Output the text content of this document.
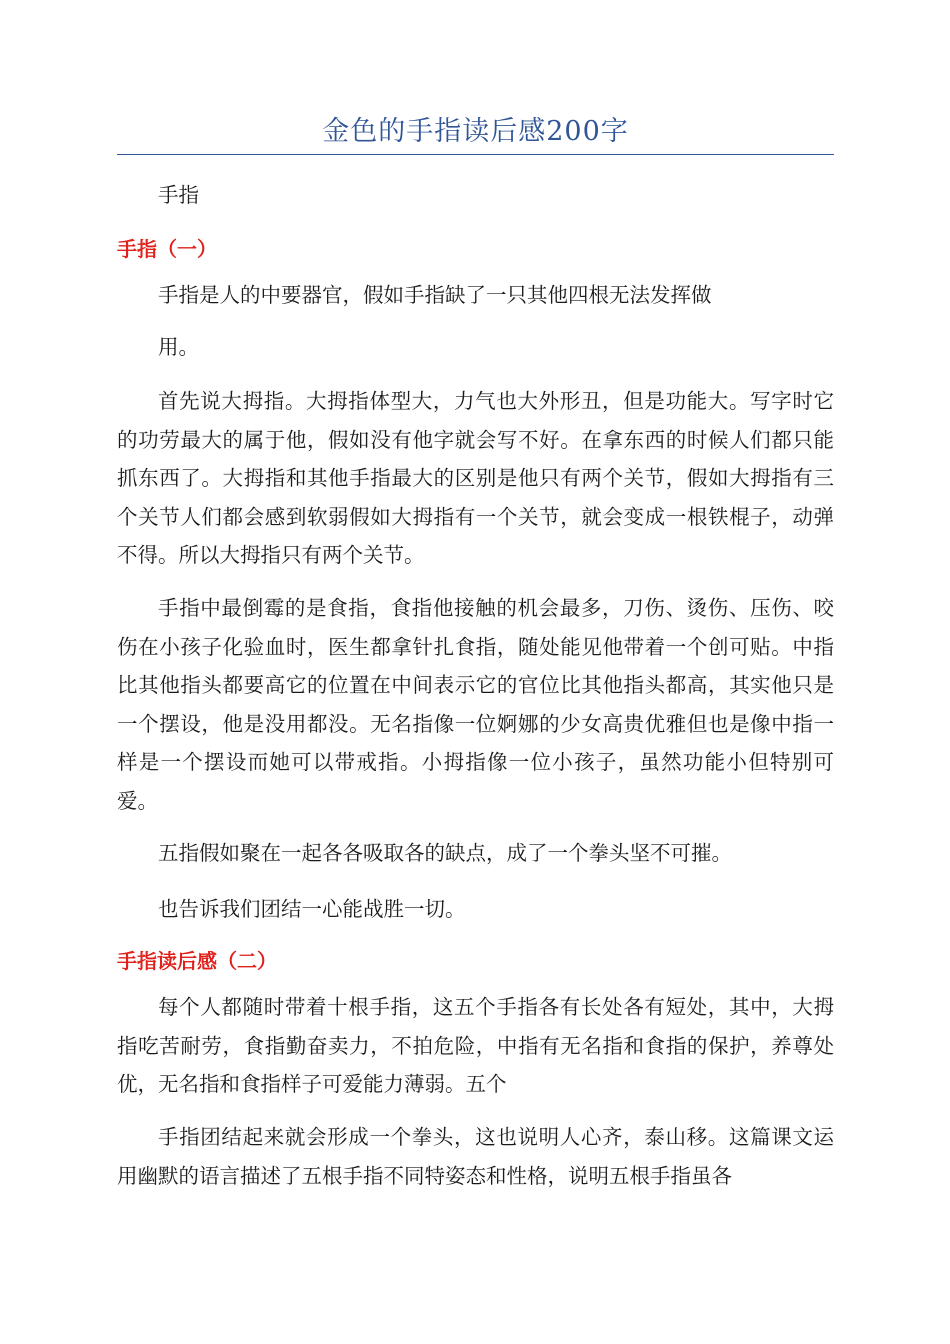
金色的手指读后感200字

手指

手指（一）

手指是人的中要器官，假如手指缺了一只其他四根无法发挥做

用。

首先说大拇指。大拇指体型大，力气也大外形丑，但是功能大。写字时它的功劳最大的属于他，假如没有他字就会写不好。在拿东西的时候人们都只能抓东西了。大拇指和其他手指最大的区别是他只有两个关节，假如大拇指有三个关节人们都会感到软弱假如大拇指有一个关节，就会变成一根铁棍子，动弹不得。所以大拇指只有两个关节。

手指中最倒霉的是食指，食指他接触的机会最多，刀伤、烫伤、压伤、咬伤在小孩子化验血时，医生都拿针扎食指，随处能见他带着一个创可贴。中指比其他指头都要高它的位置在中间表示它的官位比其他指头都高，其实他只是一个摆设，他是没用都没。无名指像一位婀娜的少女高贵优雅但也是像中指一样是一个摆设而她可以带戒指。小拇指像一位小孩子，虽然功能小但特别可爱。

五指假如聚在一起各各吸取各的缺点，成了一个拳头坚不可摧。

也告诉我们团结一心能战胜一切。

手指读后感（二）

每个人都随时带着十根手指，这五个手指各有长处各有短处，其中，大拇指吃苦耐劳，食指勤奋卖力，不拍危险，中指有无名指和食指的保护，养尊处优，无名指和食指样子可爱能力薄弱。五个

手指团结起来就会形成一个拳头，这也说明人心齐，泰山移。这篇课文运用幽默的语言描述了五根手指不同特姿态和性格，说明五根手指虽各
